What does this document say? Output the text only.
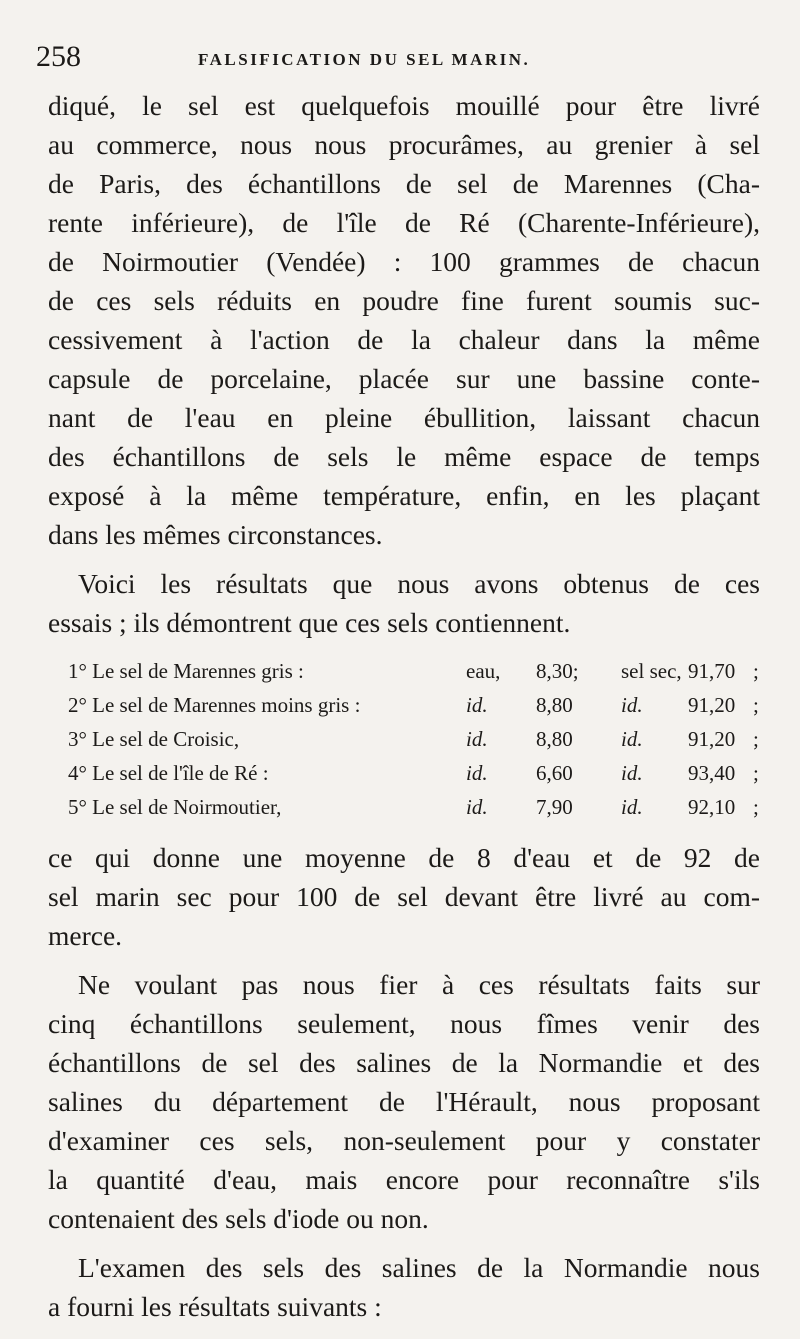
258	FALSIFICATION DU SEL MARIN.

diqué, le sel est quelquefois mouillé pour être livré
au commerce, nous nous procurâmes, au grenier à sel
de Paris, des échantillons de sel de Marennes (Cha-
rente inférieure), de l'île de Ré (Charente-Inférieure),
de Noirmoutier (Vendée) : 100 grammes de chacun
de ces sels réduits en poudre fine furent soumis suc-
cessivement à l'action de la chaleur dans la même
capsule de porcelaine, placée sur une bassine conte-
nant de l'eau en pleine ébullition, laissant chacun
des échantillons de sels le même espace de temps
exposé à la même température, enfin, en les plaçant
dans les mêmes circonstances.

Voici les résultats que nous avons obtenus de ces
essais ; ils démontrent que ces sels contiennent.

1° Le sel de Marennes gris :	eau, 8,30; sel sec, 91,70 ;
2° Le sel de Marennes moins gris :	id. 8,80 id. 91,20 ;
3° Le sel de Croisic,	id. 8,80 id. 91,20 ;
4° Le sel de l'île de Ré :	id. 6,60 id. 93,40 ;
5° Le sel de Noirmoutier,	id. 7,90 id. 92,10 ;

ce qui donne une moyenne de 8 d'eau et de 92 de
sel marin sec pour 100 de sel devant être livré au com-
merce.

Ne voulant pas nous fier à ces résultats faits sur
cinq échantillons seulement, nous fîmes venir des
échantillons de sel des salines de la Normandie et des
salines du département de l'Hérault, nous proposant
d'examiner ces sels, non-seulement pour y constater
la quantité d'eau, mais encore pour reconnaître s'ils
contenaient des sels d'iode ou non.

L'examen des sels des salines de la Normandie nous
a fourni les résultats suivants :
